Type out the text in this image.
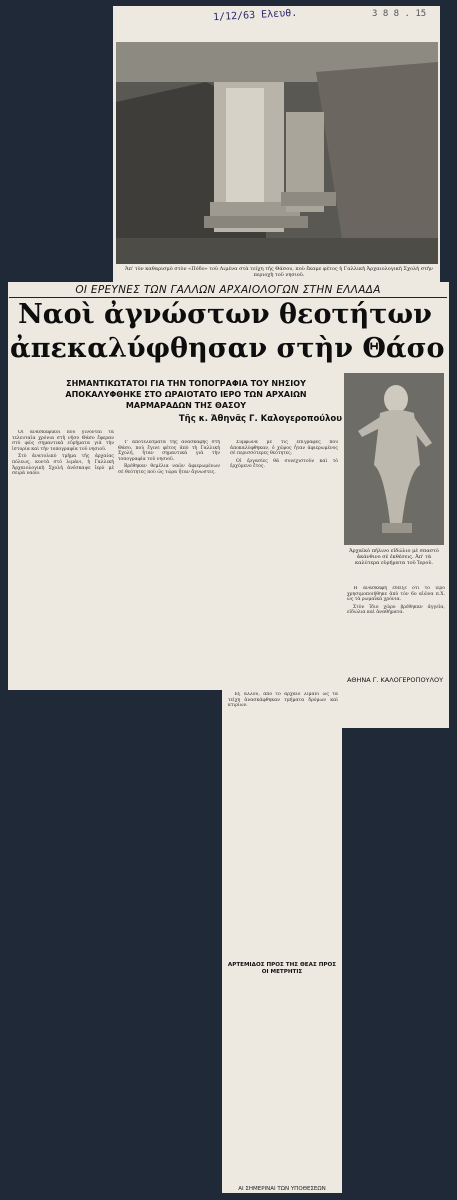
1/12/63 Ελευθ.	3 8 8 . 15
Ἀπ' τὸν καθαρισμὸ στὸν «Πόδο» τοῦ Λιμένα στὰ τείχη τῆς Θάσου, ποὺ ἔκαμε φέτος ἡ Γαλλικὴ Ἀρχαιολογικὴ Σχολὴ στὴν περιοχὴ τοῦ νησιοῦ.
ΟΙ ΕΡΕΥΝΕΣ ΤΩΝ ΓΑΛΛΩΝ ΑΡΧΑΙΟΛΟΓΩΝ ΣΤΗΝ ΕΛΛΑΔΑ
Ναοὶ ἀγνώστων θεοτήτων
ἀπεκαλύφθησαν στὴν Θάσο
ΣΗΜΑΝΤΙΚΩΤΑΤΟΙ ΓΙΑ ΤΗΝ ΤΟΠΟΓΡΑΦΙΑ ΤΟΥ ΝΗΣΙΟΥ ΑΠΟΚΑΛΥΦΘΗΚΕ ΣΤΟ ΩΡΑΙΟΤΑΤΟ ΙΕΡΟ ΤΩΝ ΑΡΧΑΙΩΝ ΜΑΡΜΑΡΑΔΩΝ ΤΗΣ ΘΑΣΟΥ
Τῆς κ. Ἀθηνᾶς Γ. Καλογεροπούλου

Οἱ ἀνασκαφικοὶ ποὺ γίνονται τὰ τελευταῖα χρόνια στὴ νῆσο Θάσο ἔφεραν στὸ φῶς σημαντικὰ εὑρήματα γιὰ τὴν ἱστορία καὶ τὴν τοπογραφία τοῦ νησιοῦ.

Στὸ ἀνατολικὸ τμῆμα τῆς ἀρχαίας πόλεως, κοντὰ στὸ λιμάνι, ἡ Γαλλικὴ Ἀρχαιολογικὴ Σχολὴ ἀνέσκαψε ἱερὸ μὲ σειρὰ ναῶν.

Τ' ἀποτελέσματα τῆς ἀνασκαφῆς στὴ Θάσο, ποὺ ἔγινε φέτος ἀπὸ τὴ Γαλλικὴ Σχολή, ἦταν σημαντικὰ γιὰ τὴν τοπογραφία τοῦ νησιοῦ.

Βρέθηκαν θεμέλια ναῶν ἀφιερωμένων σὲ θεότητες ποὺ ὡς τώρα ἦταν ἄγνωστες.

Σύμφωνα μὲ τὶς ἐπιγραφὲς ποὺ ἀποκαλύφθηκαν, ὁ χῶρος ἦταν ἀφιερωμένος σὲ περισσότερες θεότητες.

Οἱ ἐργασίες θὰ συνεχιστοῦν καὶ τὸ ἐρχόμενο ἔτος.

Ἡ ἀνασκαφὴ ἔδειξε ὅτι τὸ ἱερὸ χρησιμοποιήθηκε ἀπὸ τὸν 6ο αἰῶνα π.Χ. ὡς τὰ ρωμαϊκὰ χρόνια.

Στὸν ἴδιο χῶρο βρέθηκαν ἀγγεῖα, εἰδώλια καὶ ἀναθήματα.

Ἐξ ἄλλου, ἀπὸ τὸ ἀρχαῖο λιμάνι ὡς τὰ τείχη ἀνασκάφθηκαν τμήματα δρόμων καὶ κτιρίων.

Ἀρχαϊκὸ πήλινο εἰδώλιο μὲ σπαστὸ ἀκάνθινο σὲ ἐκθέσεις. Ἀπ' τὰ καλύτερα εὑρήματα τοῦ Ἱεροῦ.
ΑΘΗΝΑ Γ. ΚΑΛΟΓΕΡΟΠΟΥΛΟΥ
ΑΡΤΕΜΙΔΟΣ ΠΡΟΣ ΤΗΣ ΘΕΑΣ ΠΡΟΣ ΟΙ ΜΕΤΡΗΤΙΣ
ΑΙ ΣΗΜΕΡΙΝΑΙ ΤΩΝ ΥΠΟΘΕΣΕΩΝ
